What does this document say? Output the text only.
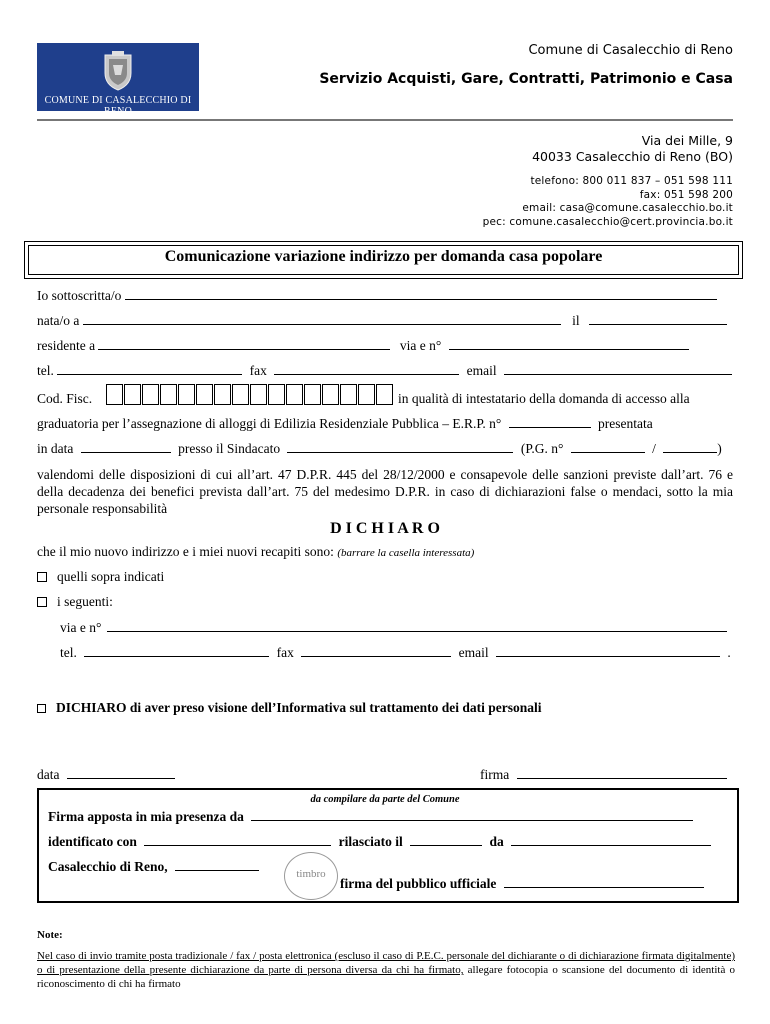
COMUNE DI CASALECCHIO DI RENO
Comune di Casalecchio di Reno
Servizio Acquisti, Gare, Contratti, Patrimonio e Casa
Via dei Mille, 9
40033 Casalecchio di Reno (BO)
telefono: 800 011 837 – 051 598 111
fax: 051 598 200
email: casa@comune.casalecchio.bo.it
pec: comune.casalecchio@cert.provincia.bo.it
Comunicazione variazione indirizzo per domanda casa popolare
Io sottoscritta/o
nata/o a	il
residente a	via e n°
tel.	fax	email
Cod. Fisc.	in qualità di intestatario della domanda di accesso alla
graduatoria per l’assegnazione di alloggi di Edilizia Residenziale Pubblica – E.R.P. n°	presentata
in data	presso il Sindacato	(P.G. n°	/	)
valendomi delle disposizioni di cui all’art. 47 D.P.R. 445 del 28/12/2000 e consapevole delle sanzioni previste dall’art. 76 e della decadenza dei benefici prevista dall’art. 75 del medesimo D.P.R. in caso di dichiarazioni false o mendaci, sotto la mia personale responsabilità
D I C H I A R O
che il mio nuovo indirizzo e i miei nuovi recapiti sono: (barrare la casella interessata)
quelli sopra indicati
i seguenti:
via e n°
tel.	fax	email	.
DICHIARO di aver preso visione dell’Informativa sul trattamento dei dati personali
data	firma
da compilare da parte del Comune
Firma apposta in mia presenza da
identificato con	rilasciato il	da
Casalecchio di Reno,	timbro
firma del pubblico ufficiale
Note:
Nel caso di invio tramite posta tradizionale / fax / posta elettronica (escluso il caso di P.E.C. personale del dichiarante o di dichiarazione firmata digitalmente) o di presentazione della presente dichiarazione da parte di persona diversa da chi ha firmato, allegare fotocopia o scansione del documento di identità o riconoscimento di chi ha firmato
